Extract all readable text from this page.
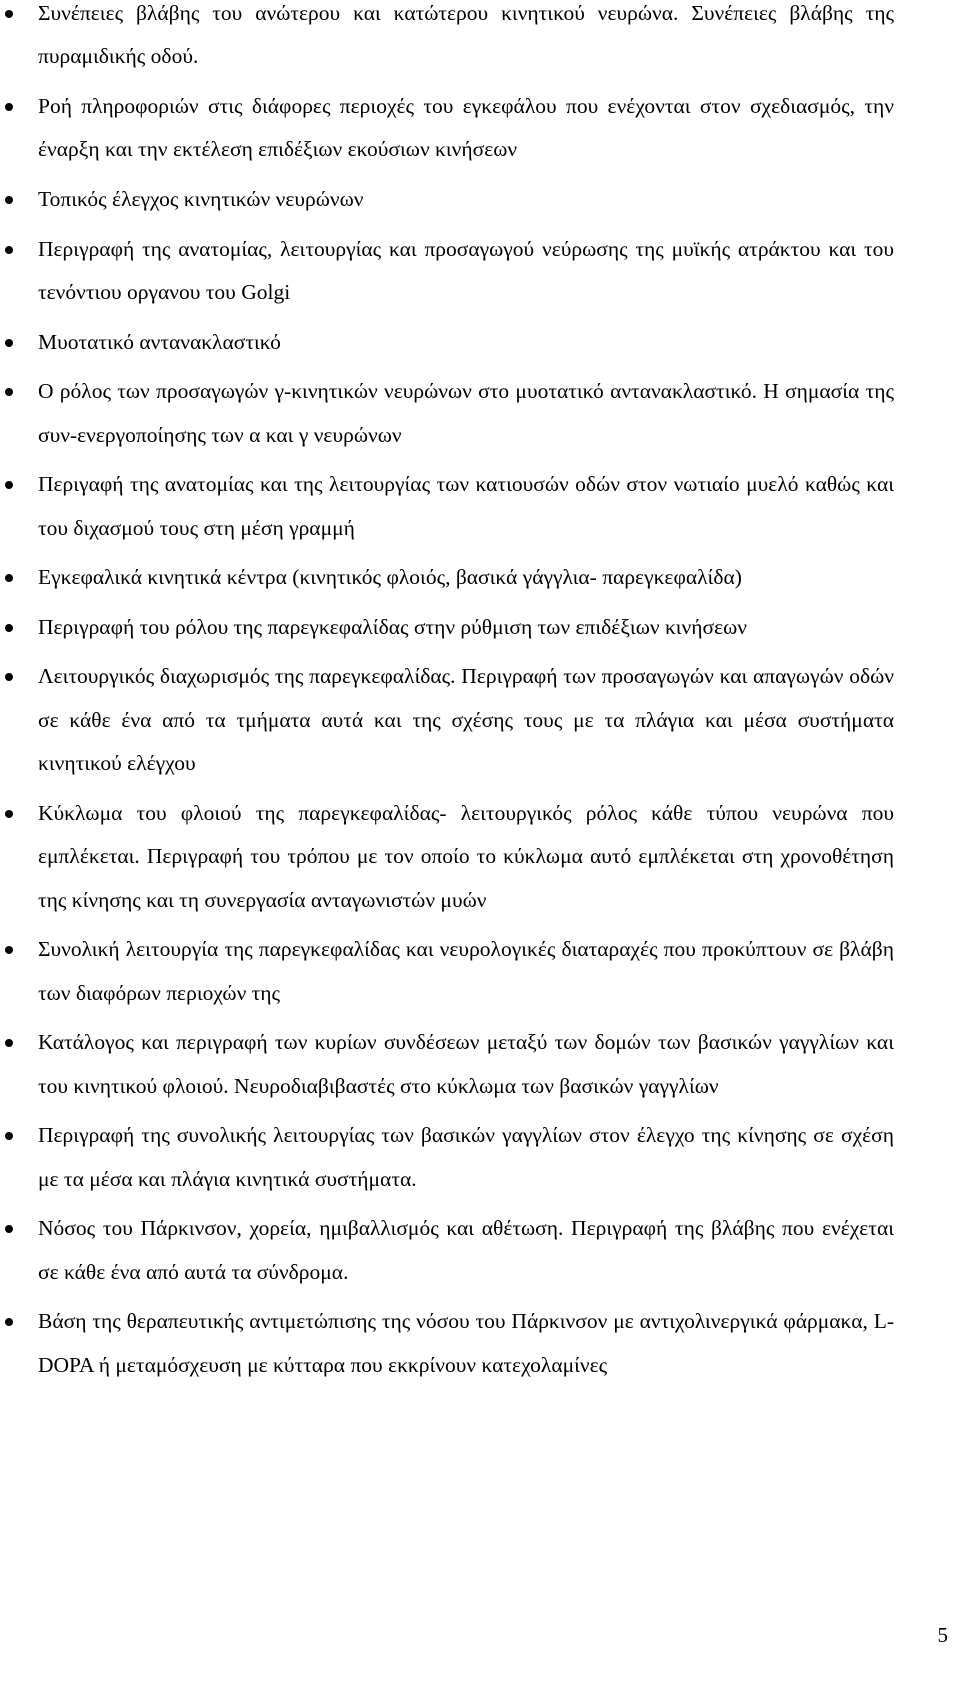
Συνέπειες βλάβης του ανώτερου και κατώτερου κινητικού νευρώνα. Συνέπειες βλάβης της πυραμιδικής οδού.
Ροή πληροφοριών στις διάφορες περιοχές του εγκεφάλου που ενέχονται στον σχεδιασμός, την έναρξη και την εκτέλεση επιδέξιων εκούσιων κινήσεων
Τοπικός έλεγχος κινητικών νευρώνων
Περιγραφή της ανατομίας, λειτουργίας και προσαγωγού νεύρωσης της μυϊκής ατράκτου και του τενόντιου οργανου του Golgi
Μυοτατικό αντανακλαστικό
Ο ρόλος των προσαγωγών γ-κινητικών νευρώνων στο μυοτατικό αντανακλαστικό. Η σημασία της συν-ενεργοποίησης των α και γ νευρώνων
Περιγαφή της ανατομίας και της λειτουργίας των κατιουσών οδών στον νωτιαίο μυελό καθώς και του διχασμού τους στη μέση γραμμή
Εγκεφαλικά κινητικά κέντρα (κινητικός φλοιός, βασικά γάγγλια- παρεγκεφαλίδα)
Περιγραφή του ρόλου της παρεγκεφαλίδας στην ρύθμιση των επιδέξιων κινήσεων
Λειτουργικός διαχωρισμός της παρεγκεφαλίδας. Περιγραφή των προσαγωγών και απαγωγών οδών σε κάθε ένα από τα τμήματα αυτά και της σχέσης τους με τα πλάγια και μέσα συστήματα κινητικού ελέγχου
Κύκλωμα του φλοιού της παρεγκεφαλίδας- λειτουργικός ρόλος κάθε τύπου νευρώνα που εμπλέκεται. Περιγραφή του τρόπου με τον οποίο το κύκλωμα αυτό εμπλέκεται στη χρονοθέτηση της κίνησης και τη συνεργασία ανταγωνιστών μυών
Συνολική λειτουργία της παρεγκεφαλίδας και νευρολογικές διαταραχές που προκύπτουν σε βλάβη των διαφόρων περιοχών της
Κατάλογος και περιγραφή των κυρίων συνδέσεων μεταξύ των δομών των βασικών γαγγλίων και του κινητικού φλοιού. Νευροδιαβιβαστές στο κύκλωμα των βασικών γαγγλίων
Περιγραφή της συνολικής λειτουργίας των βασικών γαγγλίων στον έλεγχο της κίνησης σε σχέση με τα μέσα και πλάγια κινητικά συστήματα.
Νόσος του Πάρκινσον, χορεία, ημιβαλλισμός και αθέτωση. Περιγραφή της βλάβης που ενέχεται σε κάθε ένα από αυτά τα σύνδρομα.
Βάση της θεραπευτικής αντιμετώπισης της νόσου του Πάρκινσον με αντιχολινεργικά φάρμακα, L-DOPA ή μεταμόσχευση με κύτταρα που εκκρίνουν κατεχολαμίνες
5
